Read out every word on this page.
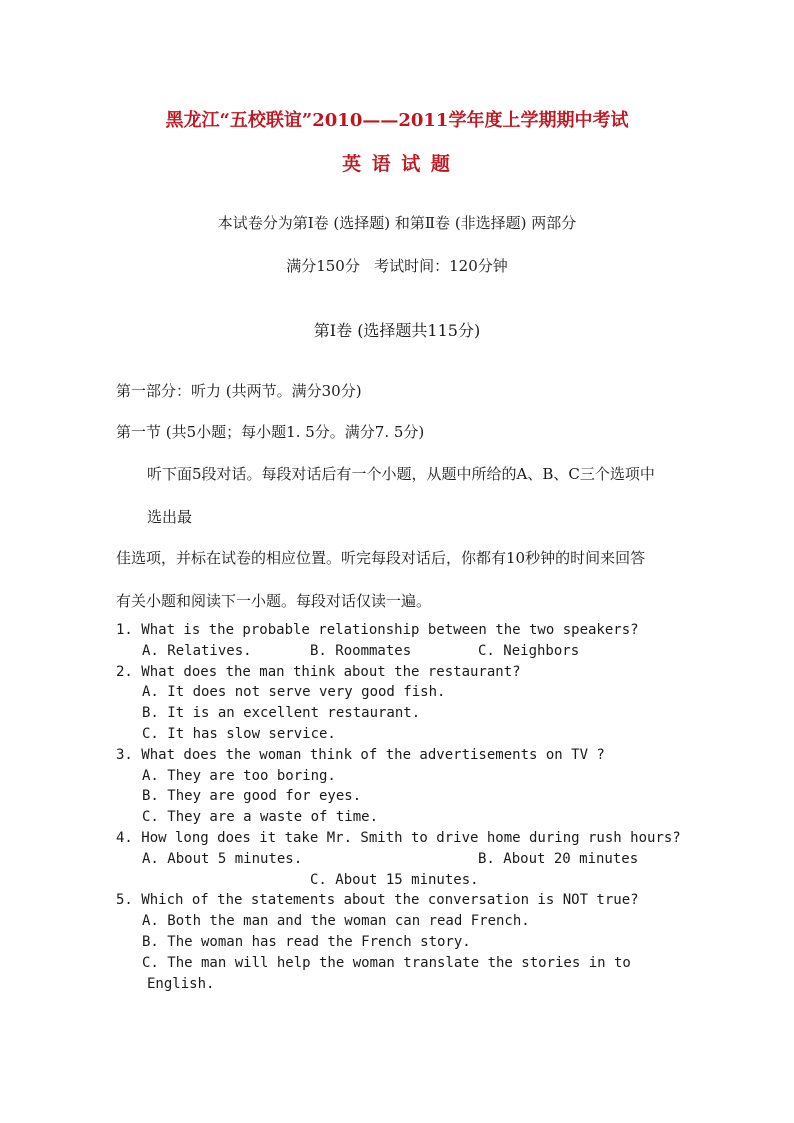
黑龙江“五校联谊”2010——2011学年度上学期期中考试
英 语 试 题
本试卷分为第I卷 (选择题) 和第Ⅱ卷 (非选择题) 两部分
满分150分   考试时间：120分钟
第I卷 (选择题共115分)
第一部分：听力 (共两节。满分30分)
第一节 (共5小题；每小题1. 5分。满分7. 5分)
听下面5段对话。每段对话后有一个小题，从题中所给的A、B、C三个选项中
选出最
佳选项，并标在试卷的相应位置。听完每段对话后，你都有10秒钟的时间来回答
有关小题和阅读下一小题。每段对话仅读一遍。
1. What is the probable relationship between the two speakers?
A. Relatives.	B. Roommates	C. Neighbors
2. What does the man think about the restaurant?
A. It does not serve very good fish.
B. It is an excellent restaurant.
C. It has slow service.
3. What does the woman think of the advertisements on TV ?
A. They are too boring.
B. They are good for eyes.
C. They are a waste of time.
4. How long does it take Mr. Smith to drive home during rush hours?
A. About 5 minutes.	B. About 20 minutes
C. About 15 minutes.
5. Which of the statements about the conversation is NOT true?
A. Both the man and the woman can read French.
B. The woman has read the French story.
C. The man will help the woman translate the stories in to
English.
